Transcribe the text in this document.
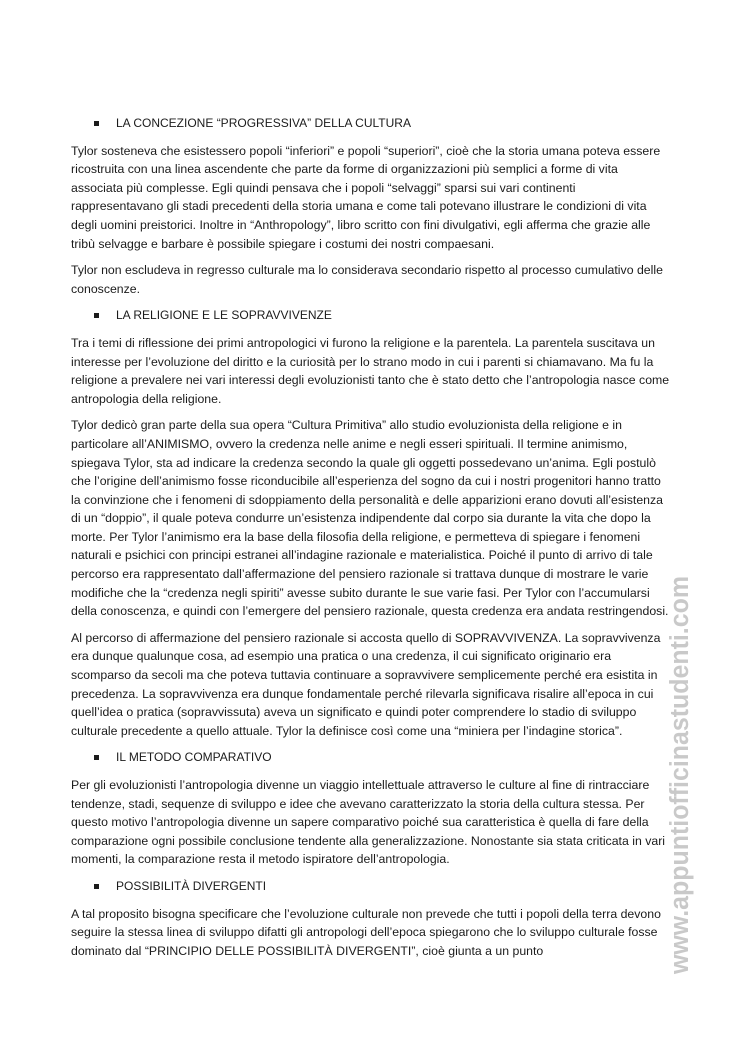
LA CONCEZIONE “PROGRESSIVA” DELLA CULTURA

Tylor sosteneva che esistessero popoli “inferiori” e popoli “superiori”, cioè che la storia umana poteva essere ricostruita con una linea ascendente che parte da forme di organizzazioni più semplici a forme di vita associata più complesse. Egli quindi pensava che i popoli “selvaggi” sparsi sui vari continenti rappresentavano gli stadi precedenti della storia umana e come tali potevano illustrare le condizioni di vita degli uomini preistorici. Inoltre in “Anthropology”, libro scritto con fini divulgativi, egli afferma che grazie alle tribù selvagge e barbare è possibile spiegare i costumi dei nostri compaesani.

Tylor non escludeva in regresso culturale ma lo considerava secondario rispetto al processo cumulativo delle conoscenze.

LA RELIGIONE E LE SOPRAVVIVENZE

Tra i temi di riflessione dei primi antropologici vi furono la religione e la parentela. La parentela suscitava un interesse per l’evoluzione del diritto e la curiosità per lo strano modo in cui i parenti si chiamavano. Ma fu la religione a prevalere nei vari interessi degli evoluzionisti tanto che è stato detto che l’antropologia nasce come antropologia della religione.

Tylor dedicò gran parte della sua opera “Cultura Primitiva” allo studio evoluzionista della religione e in particolare all’ANIMISMO, ovvero la credenza nelle anime e negli esseri spirituali. Il termine animismo, spiegava Tylor, sta ad indicare la credenza secondo la quale gli oggetti possedevano un’anima. Egli postulò che l’origine dell’animismo fosse riconducibile all’esperienza del sogno da cui i nostri progenitori hanno tratto la convinzione che i fenomeni di sdoppiamento della personalità e delle apparizioni erano dovuti all’esistenza di un “doppio”, il quale poteva condurre un’esistenza indipendente dal corpo sia durante la vita che dopo la morte. Per Tylor l’animismo era la base della filosofia della religione, e permetteva di spiegare i fenomeni naturali e psichici con principi estranei all’indagine razionale e materialistica. Poiché il punto di arrivo di tale percorso era rappresentato dall’affermazione del pensiero razionale si trattava dunque di mostrare le varie modifiche che la “credenza negli spiriti” avesse subito durante le sue varie fasi. Per Tylor con l’accumularsi della conoscenza, e quindi con l’emergere del pensiero razionale, questa credenza era andata restringendosi.

Al percorso di affermazione del pensiero razionale si accosta quello di SOPRAVVIVENZA. La sopravvivenza era dunque qualunque cosa, ad esempio una pratica o una credenza, il cui significato originario era scomparso da secoli ma che poteva tuttavia continuare a sopravvivere semplicemente perché era esistita in precedenza. La sopravvivenza era dunque fondamentale perché rilevarla significava risalire all’epoca in cui quell’idea o pratica (sopravvissuta) aveva un significato e quindi poter comprendere lo stadio di sviluppo culturale precedente a quello attuale. Tylor la definisce così come una “miniera per l’indagine storica”.

IL METODO COMPARATIVO

Per gli evoluzionisti l’antropologia divenne un viaggio intellettuale attraverso le culture al fine di rintracciare tendenze, stadi, sequenze di sviluppo e idee che avevano caratterizzato la storia della cultura stessa. Per questo motivo l’antropologia divenne un sapere comparativo poiché sua caratteristica è quella di fare della comparazione ogni possibile conclusione tendente alla generalizzazione. Nonostante sia stata criticata in vari momenti, la comparazione resta il metodo ispiratore dell’antropologia.

POSSIBILITÀ DIVERGENTI

A tal proposito bisogna specificare che l’evoluzione culturale non prevede che tutti i popoli della terra devono seguire la stessa linea di sviluppo difatti gli antropologi dell’epoca spiegarono che lo sviluppo culturale fosse dominato dal “PRINCIPIO DELLE POSSIBILITÀ DIVERGENTI”, cioè giunta a un punto	www.appuntiofficinastudenti.com
